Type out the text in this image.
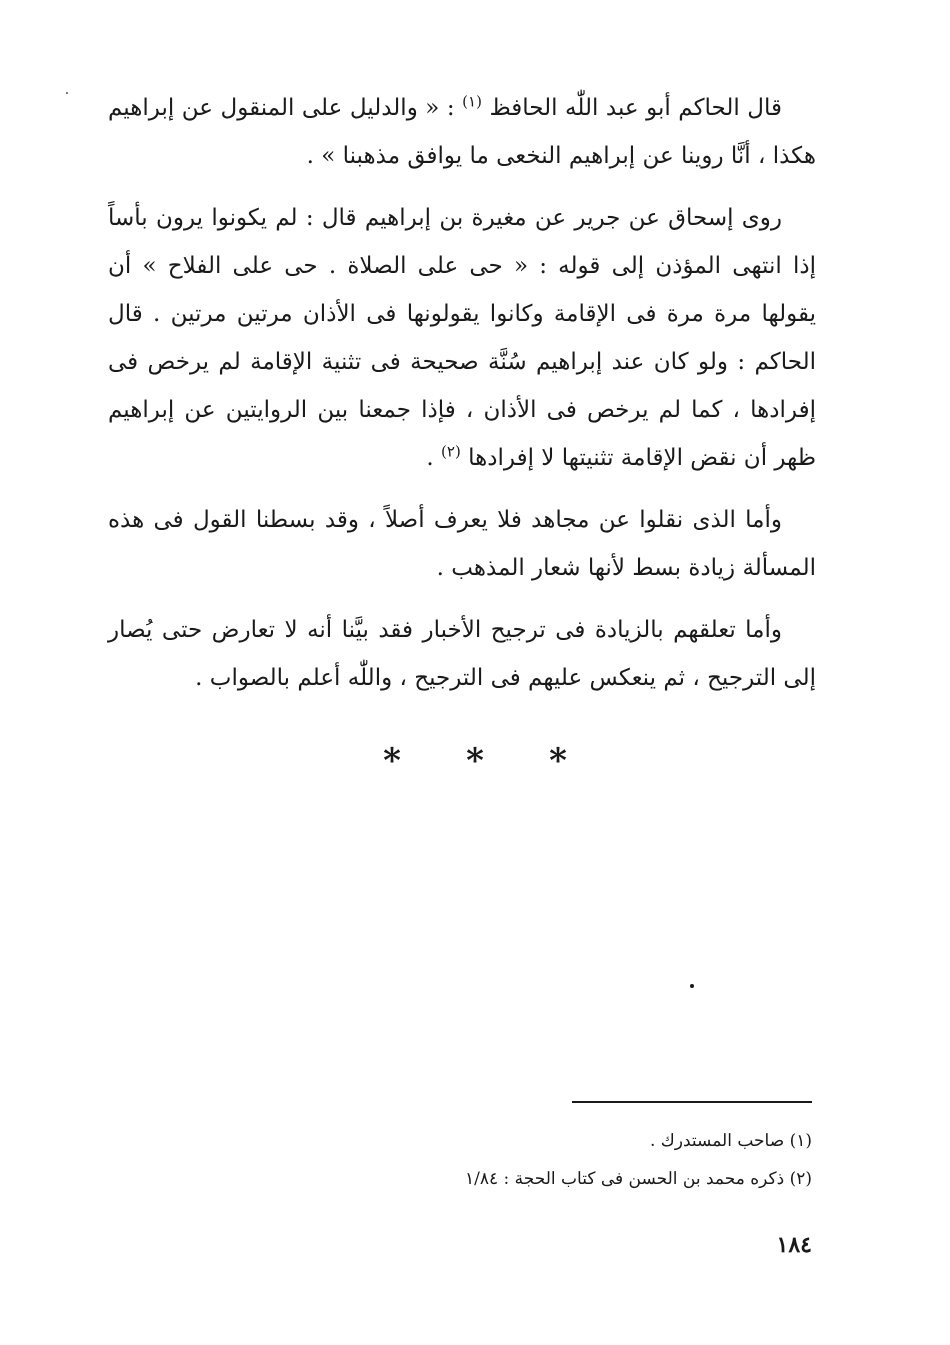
قال الحاكم أبو عبد اللّٰه الحافظ $^{(١)}$ : « والدليل على المنقول عن إبراهيم هكذا ، أنَّا روينا عن إبراهيم النخعى ما يوافق مذهبنا » .

روى إسحاق عن جرير عن مغيرة بن إبراهيم قال : لم يكونوا يرون بأساً إذا انتهى المؤذن إلى قوله : « حى على الصلاة . حى على الفلاح » أن يقولها مرة مرة فى الإقامة وكانوا يقولونها فى الأذان مرتين مرتين . قال الحاكم : ولو كان عند إبراهيم سُنَّة صحيحة فى تثنية الإقامة لم يرخص فى إفرادها ، كما لم يرخص فى الأذان ، فإذا جمعنا بين الروايتين عن إبراهيم ظهر أن نقض الإقامة تثنيتها لا إفرادها $^{(٢)}$ .

وأما الذى نقلوا عن مجاهد فلا يعرف أصلاً ، وقد بسطنا القول فى هذه المسألة زيادة بسط لأنها شعار المذهب .

وأما تعلقهم بالزيادة فى ترجيح الأخبار فقد بيَّنا أنه لا تعارض حتى يُصار إلى الترجيح ، ثم ينعكس عليهم فى الترجيح ، واللّٰه أعلم بالصواب .

* * *
(١) صاحب المستدرك .
(٢) ذكره محمد بن الحسن فى كتاب الحجة : ١/٨٤
١٨٤
